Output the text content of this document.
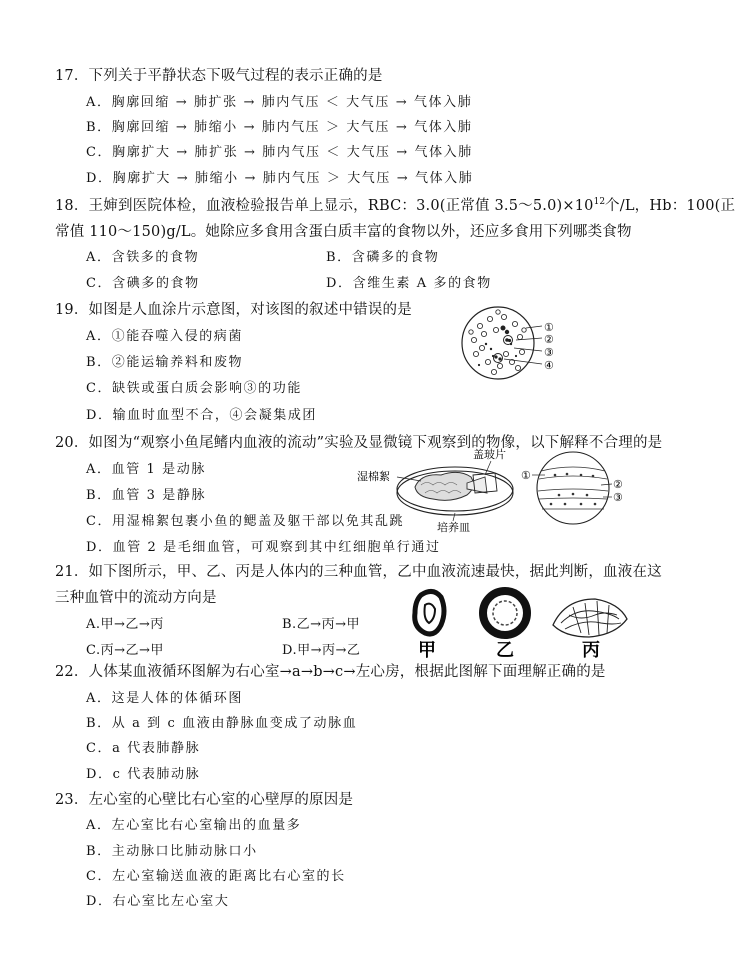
17．下列关于平静状态下吸气过程的表示正确的是
A．胸廓回缩 → 肺扩张 → 肺内气压 ＜ 大气压 → 气体入肺
B．胸廓回缩 → 肺缩小 → 肺内气压 ＞ 大气压 → 气体入肺
C．胸廓扩大 → 肺扩张 → 肺内气压 ＜ 大气压 → 气体入肺
D．胸廓扩大 → 肺缩小 → 肺内气压 ＞ 大气压 → 气体入肺
18．王婶到医院体检，血液检验报告单上显示，RBC：3.0(正常值 $3.5\sim 5.0)\times 10^{12}$个/L，Hb：100(正
常值 110～150)g/L。她除应多食用含蛋白质丰富的食物以外，还应多食用下列哪类食物
A．含铁多的食物	B．含磷多的食物
C．含碘多的食物	D．含维生素 A 多的食物
19．如图是人血涂片示意图，对该图的叙述中错误的是
A．①能吞噬入侵的病菌
B．②能运输养料和废物
C．缺铁或蛋白质会影响③的功能
D．输血时血型不合，④会凝集成团
①
②
③
④
20．如图为“观察小鱼尾鳍内血液的流动”实验及显微镜下观察到的物像，以下解释不合理的是
A．血管 1 是动脉
B．血管 3 是静脉
C．用湿棉絮包裹小鱼的鳃盖及躯干部以免其乱跳
D．血管 2 是毛细血管，可观察到其中红细胞单行通过
湿棉絮
盖玻片
培养皿
①
②
③
21．如下图所示，甲、乙、丙是人体内的三种血管，乙中血液流速最快，据此判断，血液在这
三种血管中的流动方向是
A.甲→乙→丙	B.乙→丙→甲
C.丙→乙→甲	D.甲→丙→乙	甲	乙	丙
22．人体某血液循环图解为右心室→a→b→c→左心房，根据此图解下面理解正确的是
A．这是人体的体循环图
B．从 a 到 c 血液由静脉血变成了动脉血
C．a 代表肺静脉
D．c 代表肺动脉
23．左心室的心壁比右心室的心壁厚的原因是
A．左心室比右心室输出的血量多
B．主动脉口比肺动脉口小
C．左心室输送血液的距离比右心室的长
D．右心室比左心室大
